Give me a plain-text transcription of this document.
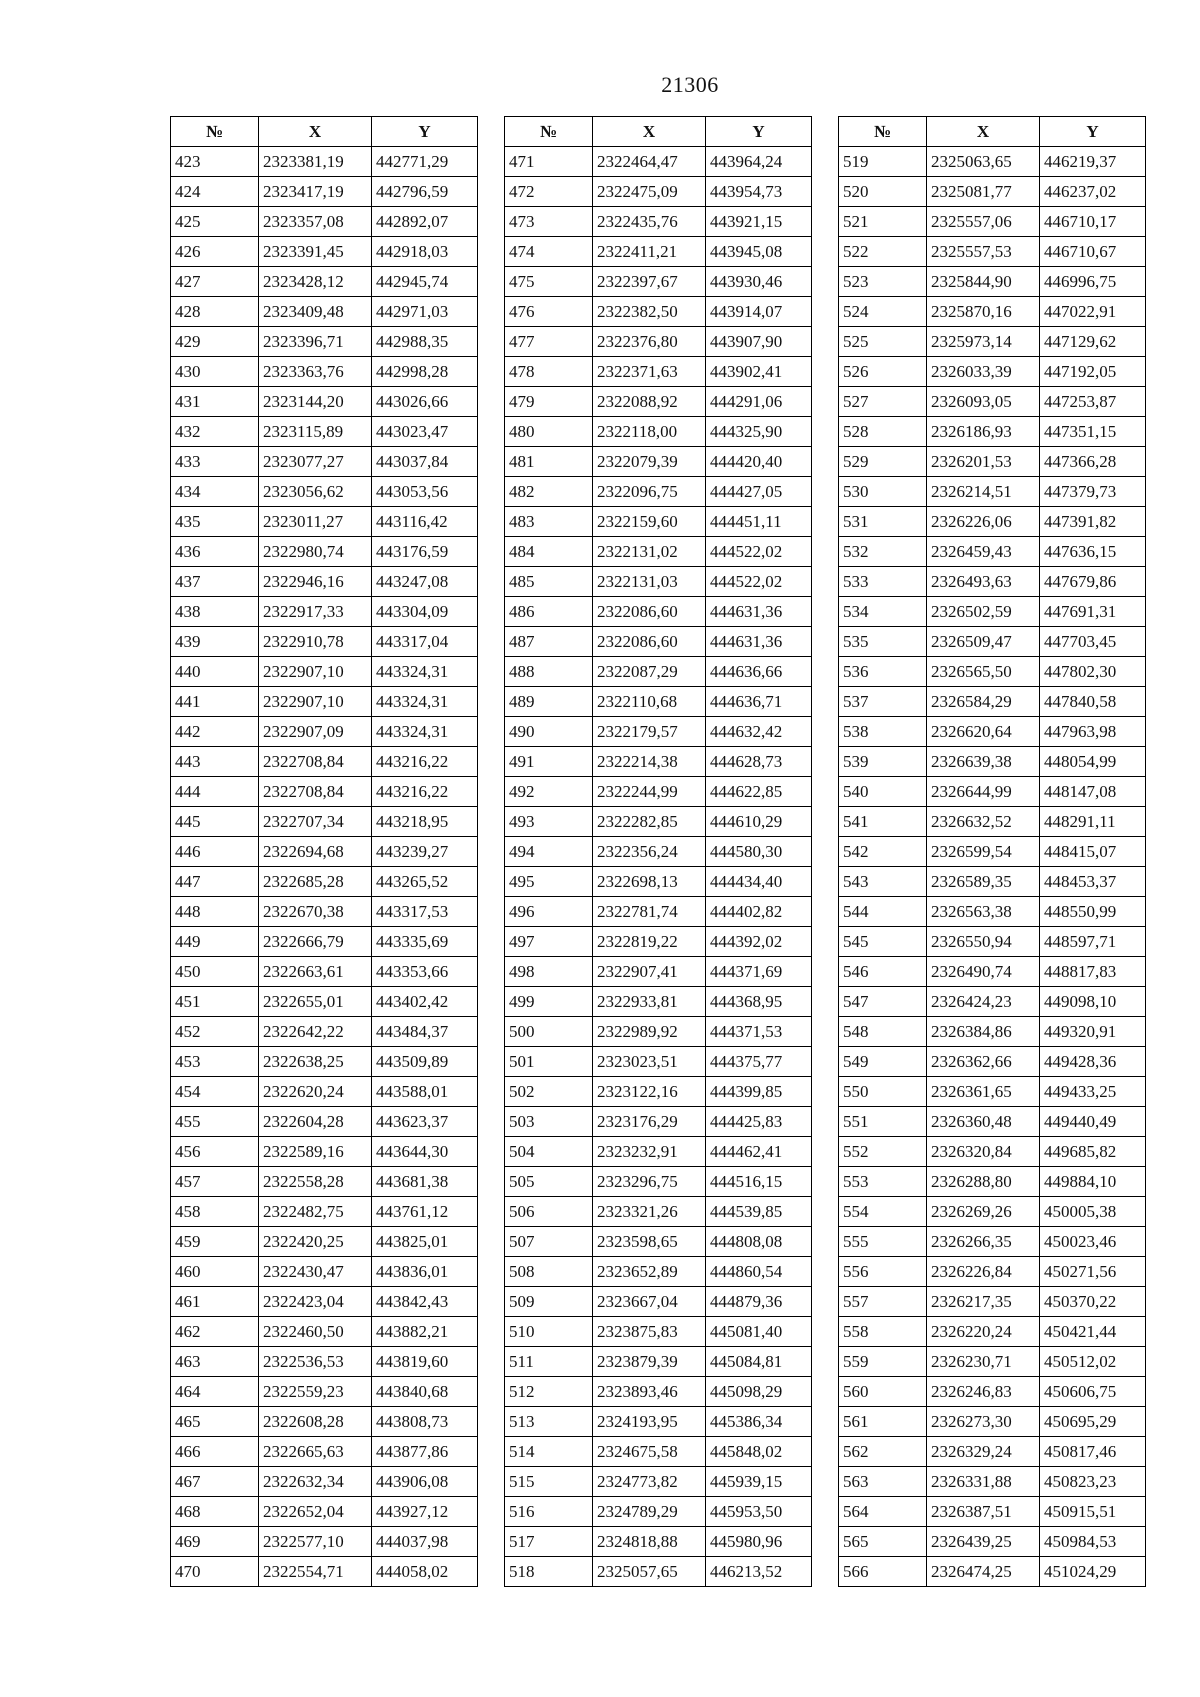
21306
№	X	Y
423	2323381,19	442771,29
424	2323417,19	442796,59
425	2323357,08	442892,07
426	2323391,45	442918,03
427	2323428,12	442945,74
428	2323409,48	442971,03
429	2323396,71	442988,35
430	2323363,76	442998,28
431	2323144,20	443026,66
432	2323115,89	443023,47
433	2323077,27	443037,84
434	2323056,62	443053,56
435	2323011,27	443116,42
436	2322980,74	443176,59
437	2322946,16	443247,08
438	2322917,33	443304,09
439	2322910,78	443317,04
440	2322907,10	443324,31
441	2322907,10	443324,31
442	2322907,09	443324,31
443	2322708,84	443216,22
444	2322708,84	443216,22
445	2322707,34	443218,95
446	2322694,68	443239,27
447	2322685,28	443265,52
448	2322670,38	443317,53
449	2322666,79	443335,69
450	2322663,61	443353,66
451	2322655,01	443402,42
452	2322642,22	443484,37
453	2322638,25	443509,89
454	2322620,24	443588,01
455	2322604,28	443623,37
456	2322589,16	443644,30
457	2322558,28	443681,38
458	2322482,75	443761,12
459	2322420,25	443825,01
460	2322430,47	443836,01
461	2322423,04	443842,43
462	2322460,50	443882,21
463	2322536,53	443819,60
464	2322559,23	443840,68
465	2322608,28	443808,73
466	2322665,63	443877,86
467	2322632,34	443906,08
468	2322652,04	443927,12
469	2322577,10	444037,98
470	2322554,71	444058,02
№	X	Y
471	2322464,47	443964,24
472	2322475,09	443954,73
473	2322435,76	443921,15
474	2322411,21	443945,08
475	2322397,67	443930,46
476	2322382,50	443914,07
477	2322376,80	443907,90
478	2322371,63	443902,41
479	2322088,92	444291,06
480	2322118,00	444325,90
481	2322079,39	444420,40
482	2322096,75	444427,05
483	2322159,60	444451,11
484	2322131,02	444522,02
485	2322131,03	444522,02
486	2322086,60	444631,36
487	2322086,60	444631,36
488	2322087,29	444636,66
489	2322110,68	444636,71
490	2322179,57	444632,42
491	2322214,38	444628,73
492	2322244,99	444622,85
493	2322282,85	444610,29
494	2322356,24	444580,30
495	2322698,13	444434,40
496	2322781,74	444402,82
497	2322819,22	444392,02
498	2322907,41	444371,69
499	2322933,81	444368,95
500	2322989,92	444371,53
501	2323023,51	444375,77
502	2323122,16	444399,85
503	2323176,29	444425,83
504	2323232,91	444462,41
505	2323296,75	444516,15
506	2323321,26	444539,85
507	2323598,65	444808,08
508	2323652,89	444860,54
509	2323667,04	444879,36
510	2323875,83	445081,40
511	2323879,39	445084,81
512	2323893,46	445098,29
513	2324193,95	445386,34
514	2324675,58	445848,02
515	2324773,82	445939,15
516	2324789,29	445953,50
517	2324818,88	445980,96
518	2325057,65	446213,52
№	X	Y
519	2325063,65	446219,37
520	2325081,77	446237,02
521	2325557,06	446710,17
522	2325557,53	446710,67
523	2325844,90	446996,75
524	2325870,16	447022,91
525	2325973,14	447129,62
526	2326033,39	447192,05
527	2326093,05	447253,87
528	2326186,93	447351,15
529	2326201,53	447366,28
530	2326214,51	447379,73
531	2326226,06	447391,82
532	2326459,43	447636,15
533	2326493,63	447679,86
534	2326502,59	447691,31
535	2326509,47	447703,45
536	2326565,50	447802,30
537	2326584,29	447840,58
538	2326620,64	447963,98
539	2326639,38	448054,99
540	2326644,99	448147,08
541	2326632,52	448291,11
542	2326599,54	448415,07
543	2326589,35	448453,37
544	2326563,38	448550,99
545	2326550,94	448597,71
546	2326490,74	448817,83
547	2326424,23	449098,10
548	2326384,86	449320,91
549	2326362,66	449428,36
550	2326361,65	449433,25
551	2326360,48	449440,49
552	2326320,84	449685,82
553	2326288,80	449884,10
554	2326269,26	450005,38
555	2326266,35	450023,46
556	2326226,84	450271,56
557	2326217,35	450370,22
558	2326220,24	450421,44
559	2326230,71	450512,02
560	2326246,83	450606,75
561	2326273,30	450695,29
562	2326329,24	450817,46
563	2326331,88	450823,23
564	2326387,51	450915,51
565	2326439,25	450984,53
566	2326474,25	451024,29
